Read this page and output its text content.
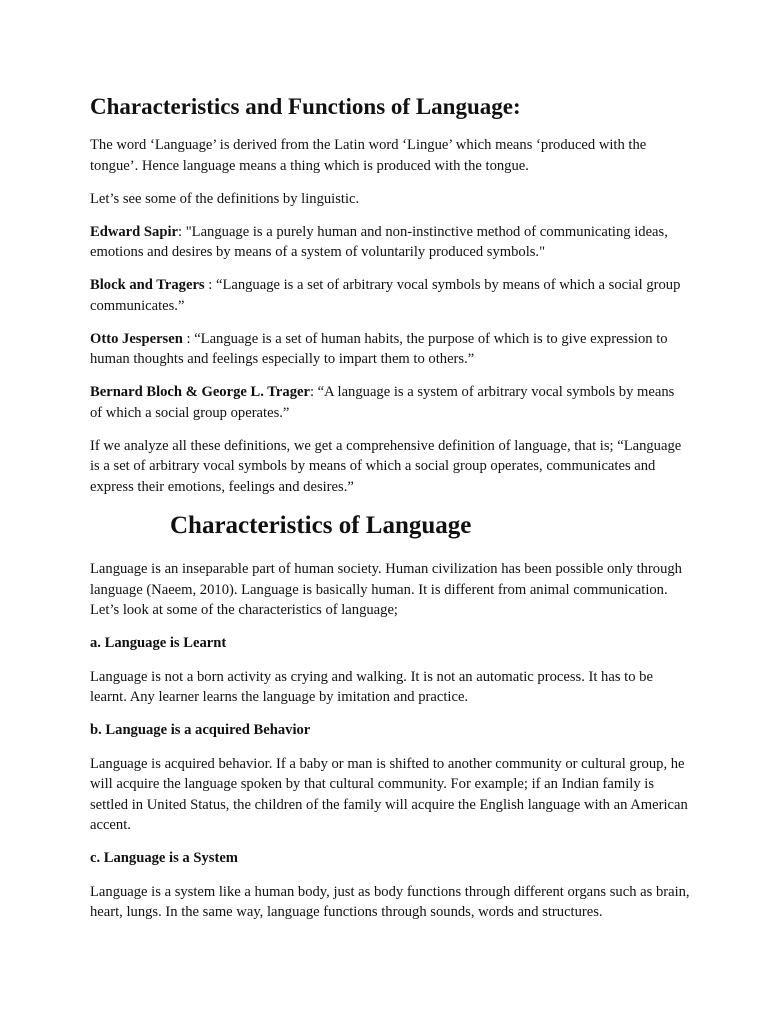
Characteristics and Functions of Language:

The word ‘Language’ is derived from the Latin word ‘Lingue’ which means ‘produced with the tongue’. Hence language means a thing which is produced with the tongue.

Let’s see some of the definitions by linguistic.

Edward Sapir: "Language is a purely human and non-instinctive method of communicating ideas, emotions and desires by means of a system of voluntarily produced symbols."

Block and Tragers : “Language is a set of arbitrary vocal symbols by means of which a social group communicates.”

Otto Jespersen : “Language is a set of human habits, the purpose of which is to give expression to human thoughts and feelings especially to impart them to others.”

Bernard Bloch & George L. Trager: “A language is a system of arbitrary vocal symbols by means of which a social group operates.”

If we analyze all these definitions, we get a comprehensive definition of language, that is; “Language is a set of arbitrary vocal symbols by means of which a social group operates, communicates and express their emotions, feelings and desires.”

Characteristics of Language

Language is an inseparable part of human society. Human civilization has been possible only through language (Naeem, 2010). Language is basically human. It is different from animal communication. Let’s look at some of the characteristics of language;

a. Language is Learnt

Language is not a born activity as crying and walking. It is not an automatic process. It has to be learnt. Any learner learns the language by imitation and practice.

b. Language is a acquired Behavior

Language is acquired behavior. If a baby or man is shifted to another community or cultural group, he will acquire the language spoken by that cultural community. For example; if an Indian family is settled in United Status, the children of the family will acquire the English language with an American accent.

c. Language is a System

Language is a system like a human body, just as body functions through different organs such as brain, heart, lungs. In the same way, language functions through sounds, words and structures.
